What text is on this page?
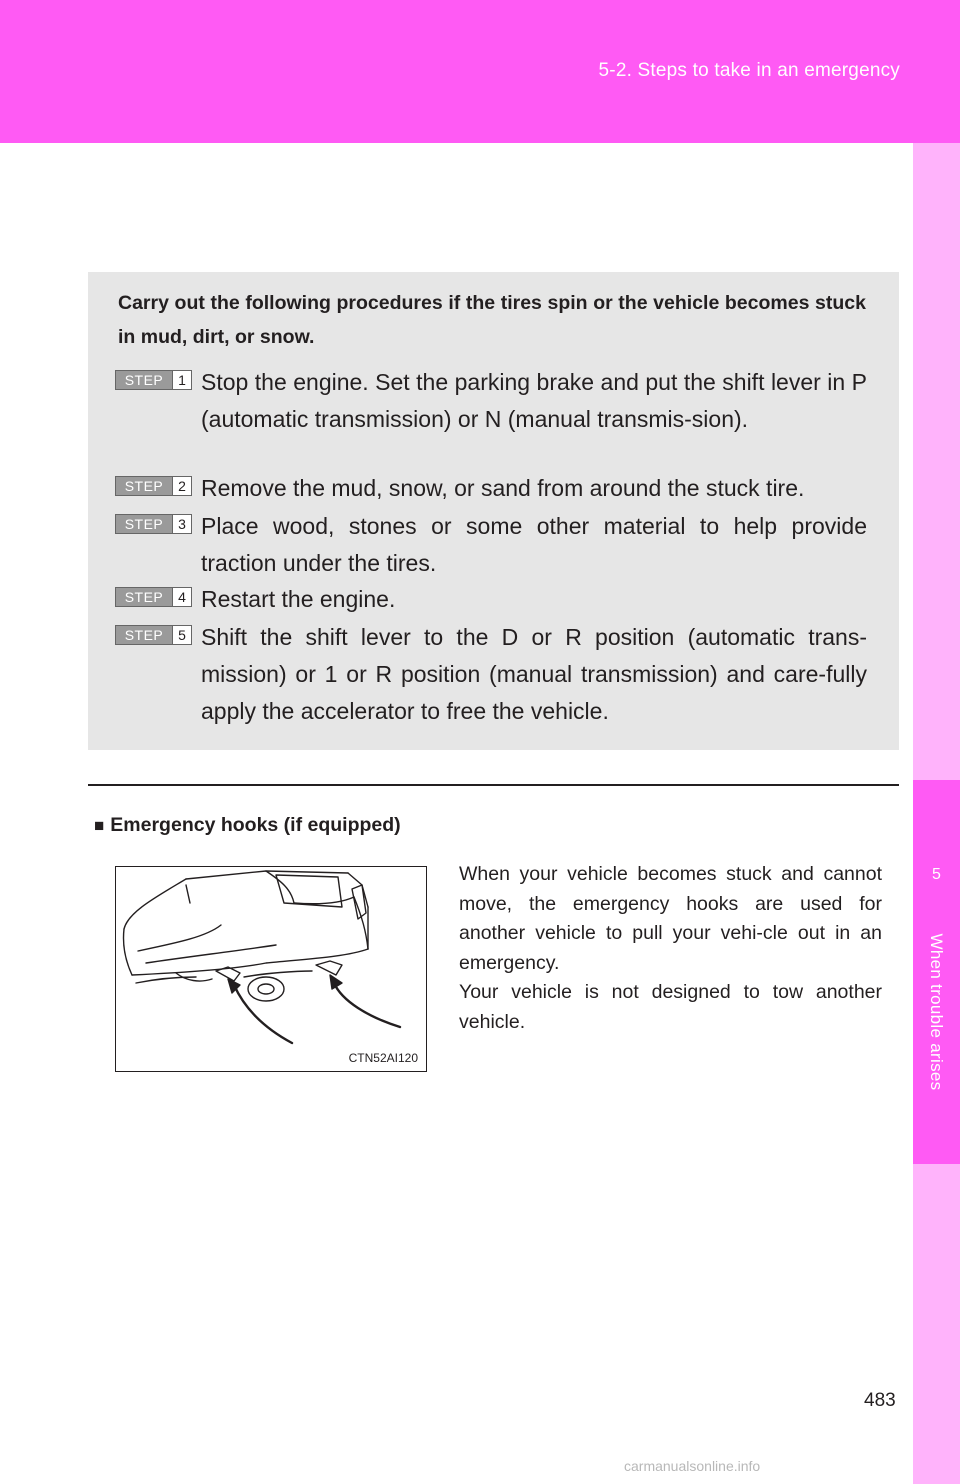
5-2. Steps to take in an emergency
5
When trouble arises
Carry out the following procedures if the tires spin or the vehicle becomes stuck in mud, dirt, or snow.
STEP	1 Stop the engine. Set the parking brake and put the shift lever in P (automatic transmission) or N (manual transmis-sion).
STEP	2 Remove the mud, snow, or sand from around the stuck tire.
STEP	3 Place wood, stones or some other material to help provide traction under the tires.
STEP	4 Restart the engine.
STEP	5 Shift the shift lever to the D or R position (automatic trans-mission) or 1 or R position (manual transmission) and care-fully apply the accelerator to free the vehicle.
■ Emergency hooks (if equipped)
CTN52AI120

When your vehicle becomes stuck and cannot move, the emergency hooks are used for another vehicle to pull your vehi-cle out in an emergency.

Your vehicle is not designed to tow another vehicle.

483
carmanualsonline.info
